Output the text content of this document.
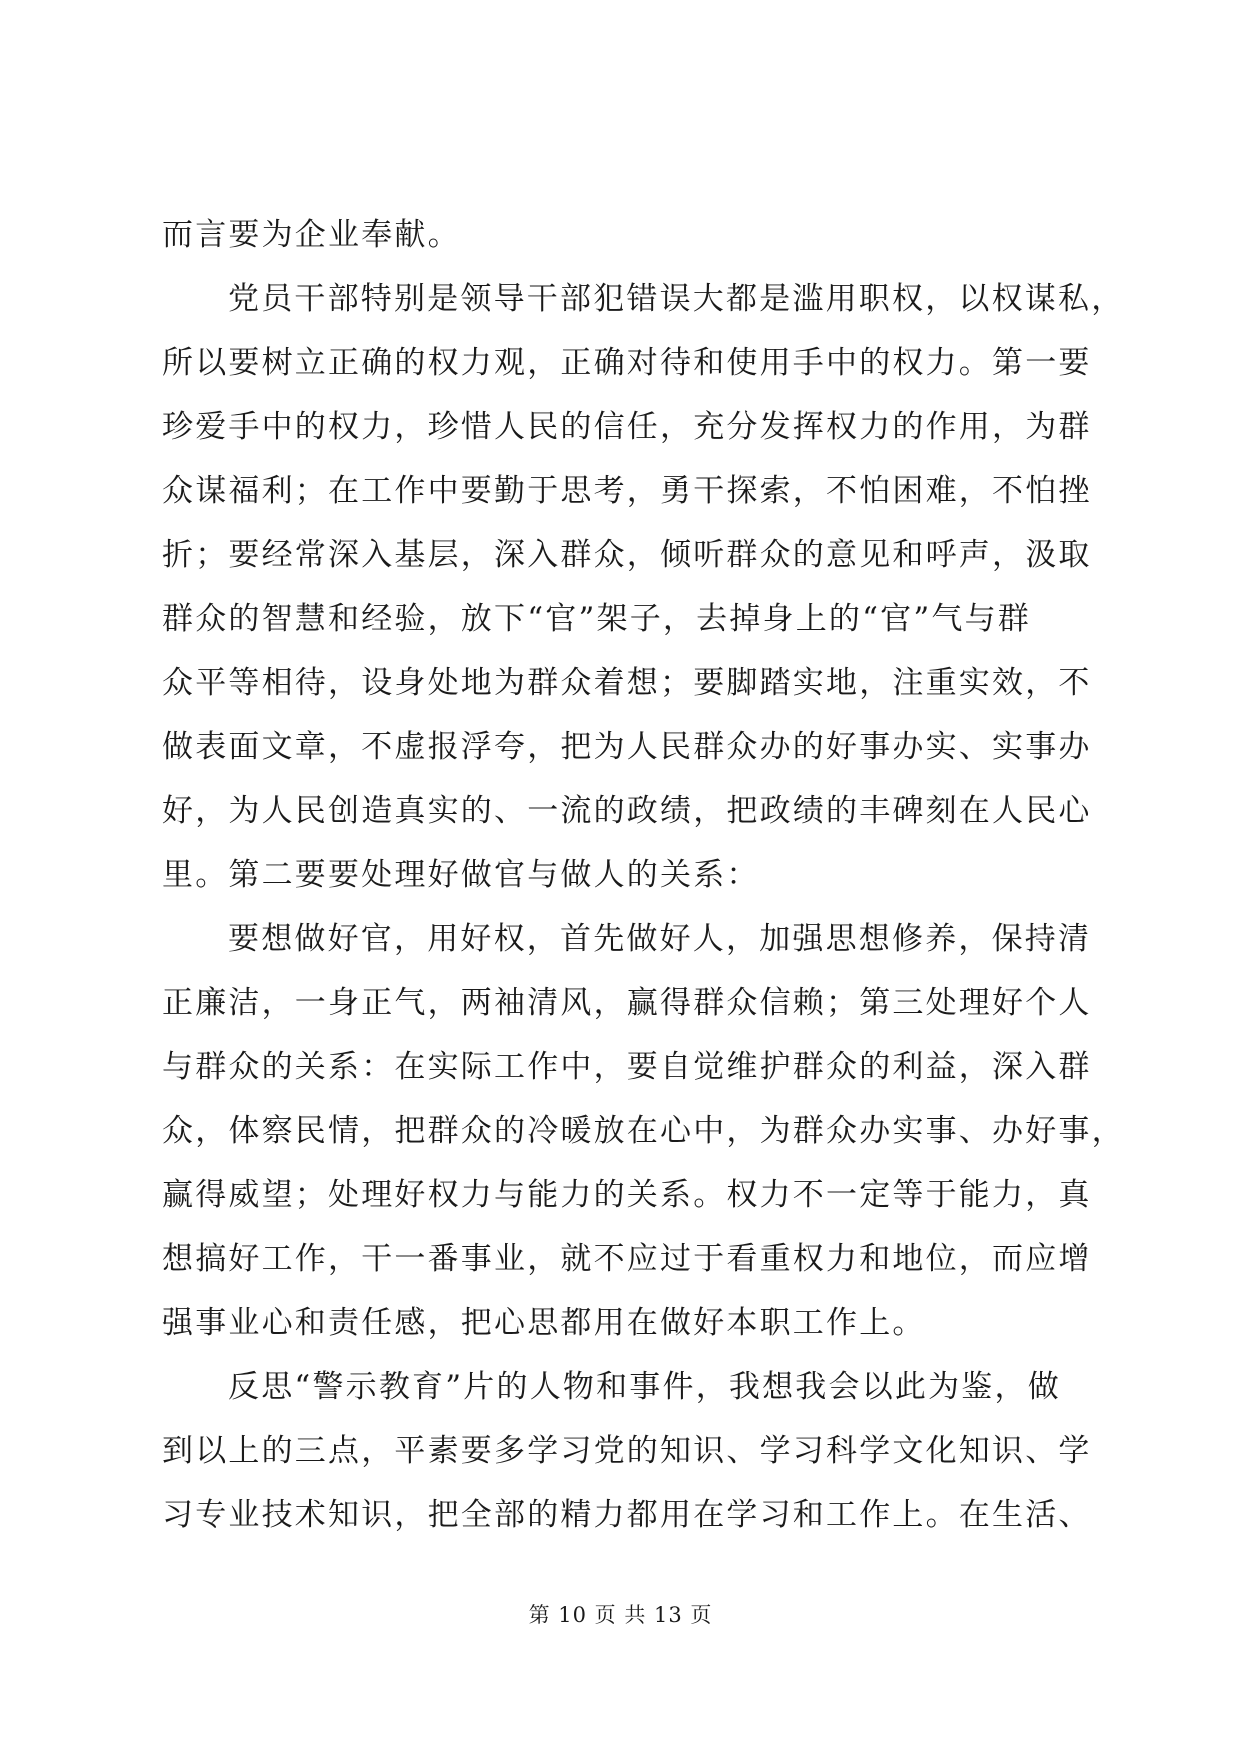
而言要为企业奉献。
党员干部特别是领导干部犯错误大都是滥用职权，以权谋私，
所以要树立正确的权力观，正确对待和使用手中的权力。第一要
珍爱手中的权力，珍惜人民的信任，充分发挥权力的作用，为群
众谋福利；在工作中要勤于思考，勇干探索，不怕困难，不怕挫
折；要经常深入基层，深入群众，倾听群众的意见和呼声，汲取
群众的智慧和经验，放下“官”架子，去掉身上的“官”气与群
众平等相待，设身处地为群众着想；要脚踏实地，注重实效，不
做表面文章，不虚报浮夸，把为人民群众办的好事办实、实事办
好，为人民创造真实的、一流的政绩，把政绩的丰碑刻在人民心
里。第二要要处理好做官与做人的关系：
要想做好官，用好权，首先做好人，加强思想修养，保持清
正廉洁，一身正气，两袖清风，赢得群众信赖；第三处理好个人
与群众的关系：在实际工作中，要自觉维护群众的利益，深入群
众，体察民情，把群众的冷暖放在心中，为群众办实事、办好事，
赢得威望；处理好权力与能力的关系。权力不一定等于能力，真
想搞好工作，干一番事业，就不应过于看重权力和地位，而应增
强事业心和责任感，把心思都用在做好本职工作上。
反思“警示教育”片的人物和事件，我想我会以此为鉴，做
到以上的三点，平素要多学习党的知识、学习科学文化知识、学
习专业技术知识，把全部的精力都用在学习和工作上。在生活、
第 10 页 共 13 页
